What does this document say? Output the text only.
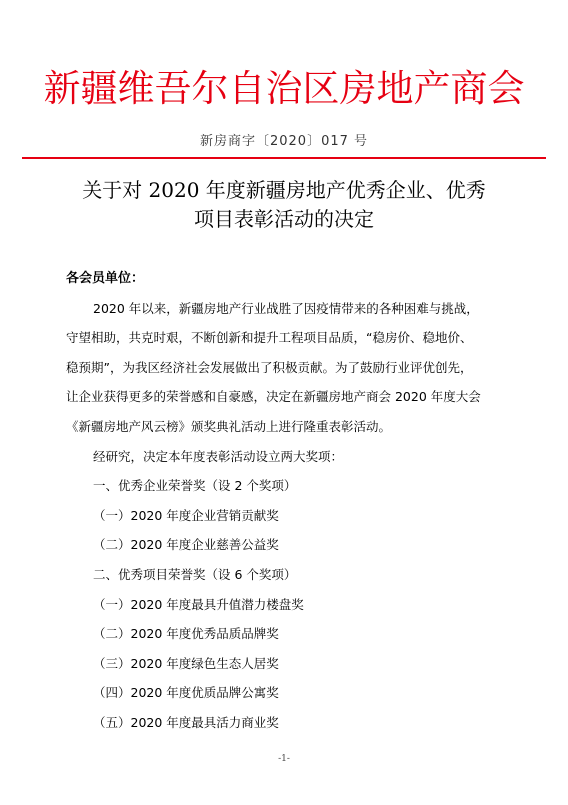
新疆维吾尔自治区房地产商会
新房商字〔2020〕017 号
关于对 2020 年度新疆房地产优秀企业、优秀
项目表彰活动的决定

各会员单位：

2020 年以来，新疆房地产行业战胜了因疫情带来的各种困难与挑战，
守望相助，共克时艰，不断创新和提升工程项目品质，“稳房价、稳地价、
稳预期”，为我区经济社会发展做出了积极贡献。为了鼓励行业评优创先，
让企业获得更多的荣誉感和自豪感，决定在新疆房地产商会 2020 年度大会
《新疆房地产风云榜》颁奖典礼活动上进行隆重表彰活动。

经研究，决定本年度表彰活动设立两大奖项：

一、优秀企业荣誉奖（设 2 个奖项）

（一）2020 年度企业营销贡献奖

（二）2020 年度企业慈善公益奖

二、优秀项目荣誉奖（设 6 个奖项）

（一）2020 年度最具升值潜力楼盘奖

（二）2020 年度优秀品质品牌奖

（三）2020 年度绿色生态人居奖

（四）2020 年度优质品牌公寓奖

（五）2020 年度最具活力商业奖

-1-
